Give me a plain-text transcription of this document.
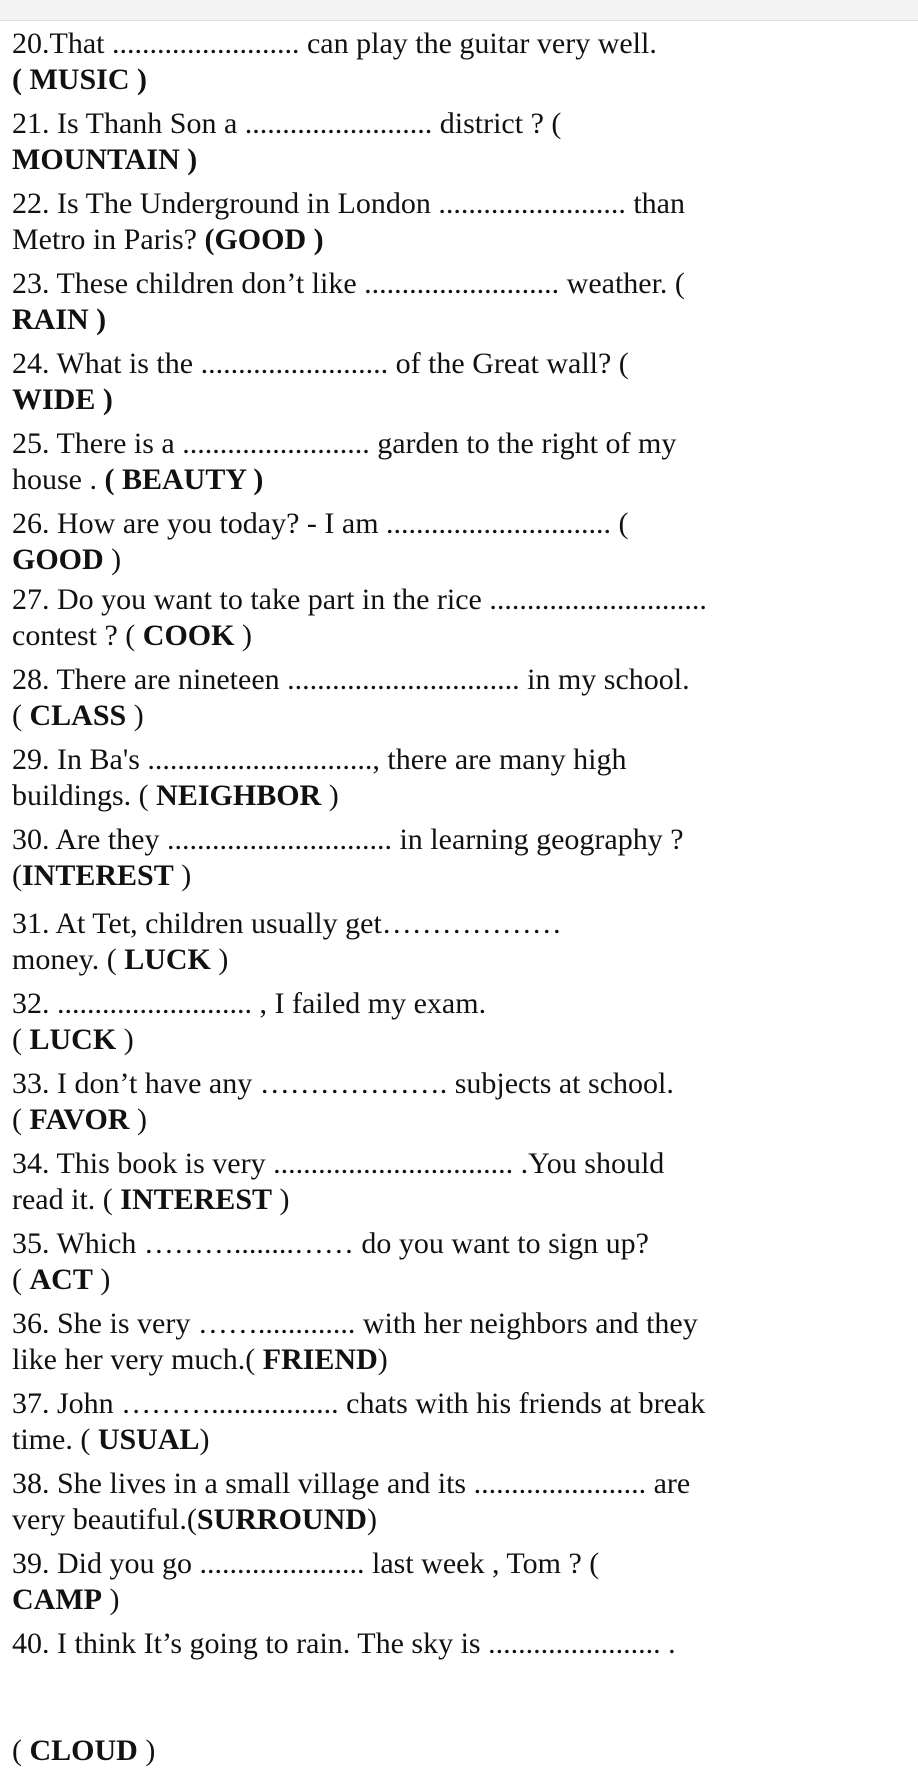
20.That ......................... can play the guitar very well.
( MUSIC )
21. Is Thanh Son a ......................... district ? (
MOUNTAIN )
22. Is The Underground in London ......................... than
Metro in Paris? (GOOD )
23. These children don’t like .......................... weather. (
RAIN )
24. What is the ......................... of the Great wall? (
WIDE )
25. There is a ......................... garden to the right of my
house . ( BEAUTY )
26. How are you today? - I am .............................. (
GOOD )
27. Do you want to take part in the rice .............................
contest ? ( COOK )
28. There are nineteen ............................... in my school.
( CLASS )
29. In Ba's .............................., there are many high
buildings. ( NEIGHBOR )
30. Are they .............................. in learning geography ?
(INTEREST )
31. At Tet, children usually get………………
money. ( LUCK )
32. .......................... , I failed my exam.
( LUCK )
33. I don’t have any ………………. subjects at school.
( FAVOR )
34. This book is very ................................ .You should
read it. ( INTEREST )
35. Which ………........…… do you want to sign up?
( ACT )
36. She is very ……............. with her neighbors and they
like her very much.( FRIEND)
37. John ………................. chats with his friends at break
time. ( USUAL)
38. She lives in a small village and its ....................... are
very beautiful.(SURROUND)
39. Did you go ...................... last week , Tom ? (
CAMP )
40. I think It’s going to rain. The sky is ....................... .
( CLOUD )
